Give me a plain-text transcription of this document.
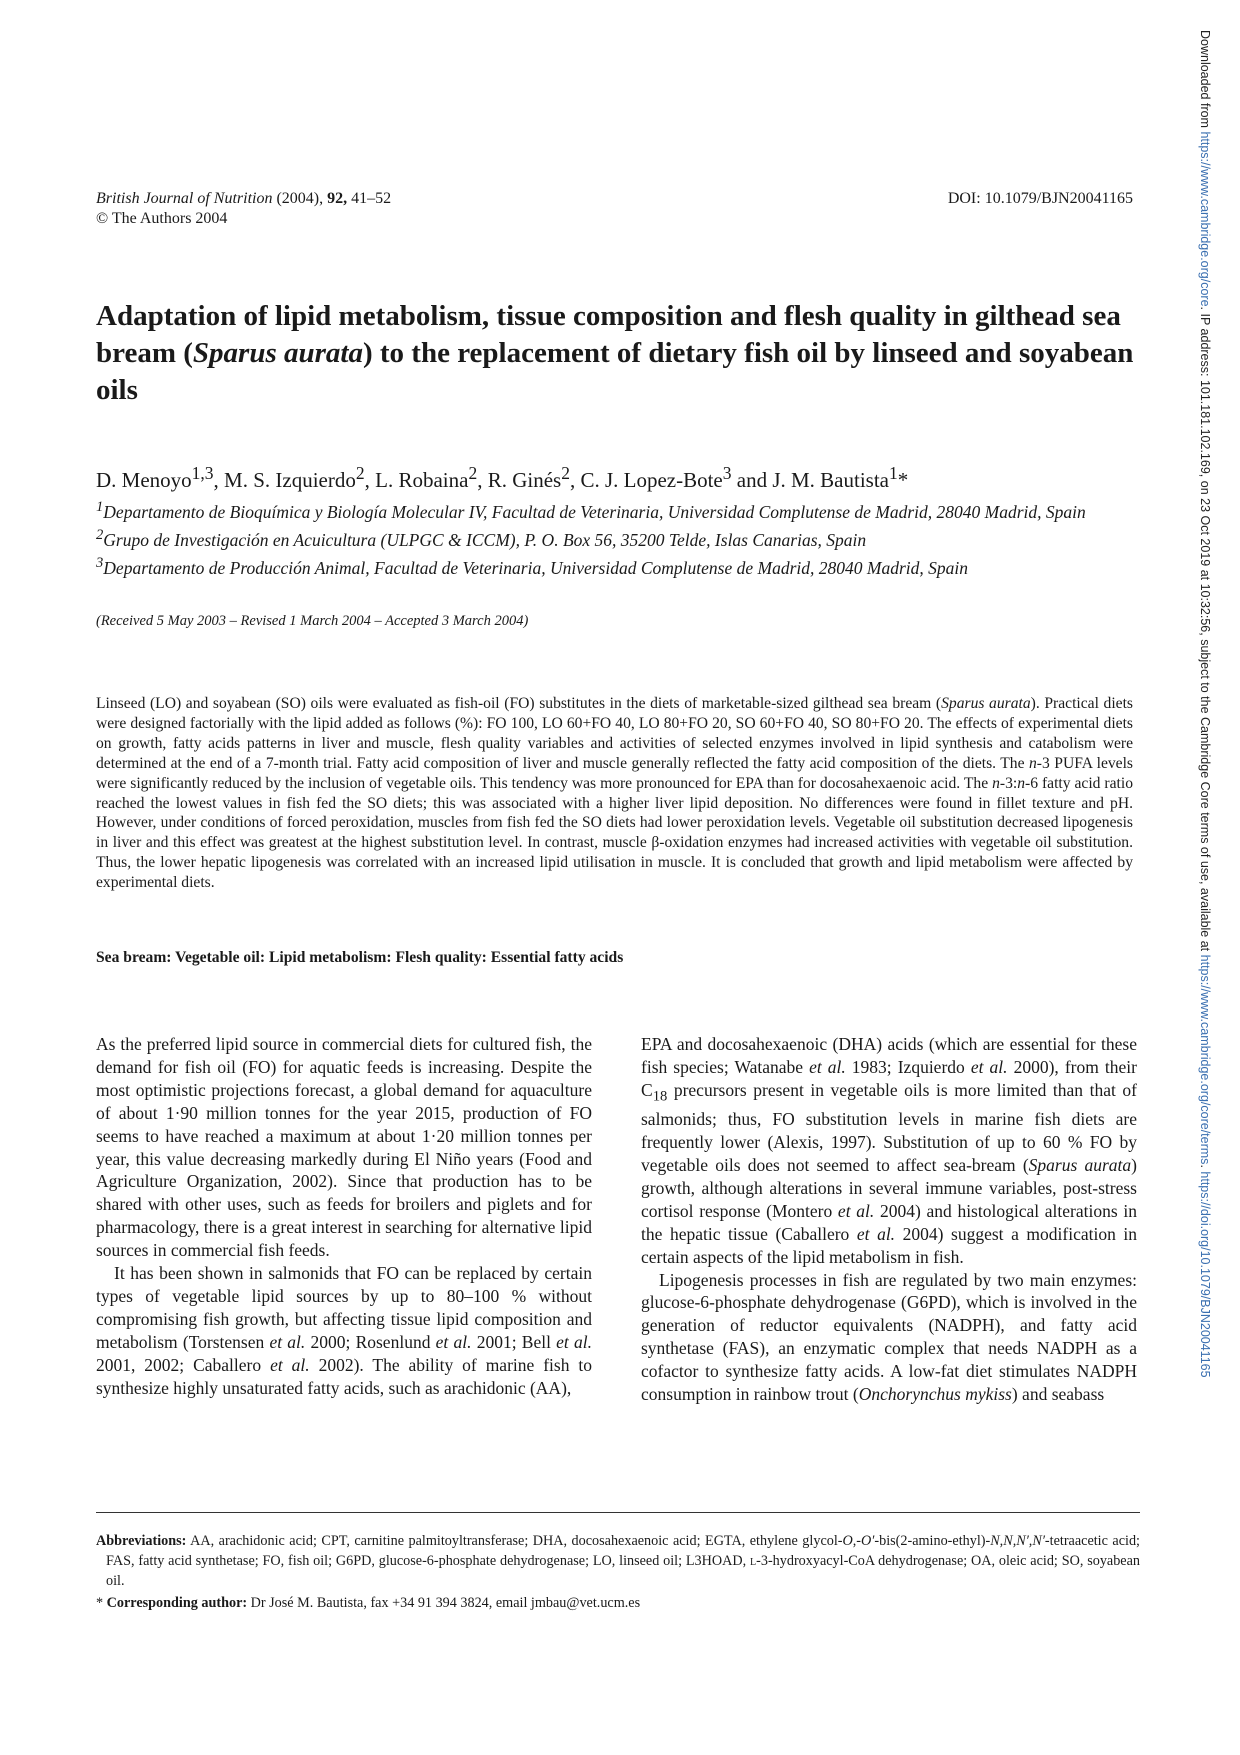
Downloaded from https://www.cambridge.org/core. IP address: 101.181.102.169, on 23 Oct 2019 at 10:32:56, subject to the Cambridge Core terms of use, available at https://www.cambridge.org/core/terms. https://doi.org/10.1079/BJN20041165
British Journal of Nutrition (2004), 92, 41–52
© The Authors 2004
DOI: 10.1079/BJN20041165
Adaptation of lipid metabolism, tissue composition and flesh quality in gilthead sea bream (Sparus aurata) to the replacement of dietary fish oil by linseed and soyabean oils
D. Menoyo$^{1,3}$, M. S. Izquierdo$^2$, L. Robaina$^2$, R. Ginés$^2$, C. J. Lopez-Bote$^3$ and J. M. Bautista$^1$*

$^1$Departamento de Bioquímica y Biología Molecular IV, Facultad de Veterinaria, Universidad Complutense de Madrid, 28040 Madrid, Spain

$^2$Grupo de Investigación en Acuicultura (ULPGC & ICCM), P. O. Box 56, 35200 Telde, Islas Canarias, Spain

$^3$Departamento de Producción Animal, Facultad de Veterinaria, Universidad Complutense de Madrid, 28040 Madrid, Spain

(Received 5 May 2003 – Revised 1 March 2004 – Accepted 3 March 2004)

Linseed (LO) and soyabean (SO) oils were evaluated as fish-oil (FO) substitutes in the diets of marketable-sized gilthead sea bream (Sparus aurata). Practical diets were designed factorially with the lipid added as follows (%): FO 100, LO 60+FO 40, LO 80+FO 20, SO 60+FO 40, SO 80+FO 20. The effects of experimental diets on growth, fatty acids patterns in liver and muscle, flesh quality variables and activities of selected enzymes involved in lipid synthesis and catabolism were determined at the end of a 7-month trial. Fatty acid composition of liver and muscle generally reflected the fatty acid composition of the diets. The n-3 PUFA levels were significantly reduced by the inclusion of vegetable oils. This tendency was more pronounced for EPA than for docosahexaenoic acid. The n-3:n-6 fatty acid ratio reached the lowest values in fish fed the SO diets; this was associated with a higher liver lipid deposition. No differences were found in fillet texture and pH. However, under conditions of forced peroxidation, muscles from fish fed the SO diets had lower peroxidation levels. Vegetable oil substitution decreased lipogenesis in liver and this effect was greatest at the highest substitution level. In contrast, muscle β-oxidation enzymes had increased activities with vegetable oil substitution. Thus, the lower hepatic lipogenesis was correlated with an increased lipid utilisation in muscle. It is concluded that growth and lipid metabolism were affected by experimental diets.

Sea bream: Vegetable oil: Lipid metabolism: Flesh quality: Essential fatty acids

As the preferred lipid source in commercial diets for cultured fish, the demand for fish oil (FO) for aquatic feeds is increasing. Despite the most optimistic projections forecast, a global demand for aquaculture of about 1·90 million tonnes for the year 2015, production of FO seems to have reached a maximum at about 1·20 million tonnes per year, this value decreasing markedly during El Niño years (Food and Agriculture Organization, 2002). Since that production has to be shared with other uses, such as feeds for broilers and piglets and for pharmacology, there is a great interest in searching for alternative lipid sources in commercial fish feeds.

It has been shown in salmonids that FO can be replaced by certain types of vegetable lipid sources by up to 80–100 % without compromising fish growth, but affecting tissue lipid composition and metabolism (Torstensen et al. 2000; Rosenlund et al. 2001; Bell et al. 2001, 2002; Caballero et al. 2002). The ability of marine fish to synthesize highly unsaturated fatty acids, such as arachidonic (AA),

EPA and docosahexaenoic (DHA) acids (which are essential for these fish species; Watanabe et al. 1983; Izquierdo et al. 2000), from their $C_{18}$ precursors present in vegetable oils is more limited than that of salmonids; thus, FO substitution levels in marine fish diets are frequently lower (Alexis, 1997). Substitution of up to 60 % FO by vegetable oils does not seemed to affect sea-bream (Sparus aurata) growth, although alterations in several immune variables, post-stress cortisol response (Montero et al. 2004) and histological alterations in the hepatic tissue (Caballero et al. 2004) suggest a modification in certain aspects of the lipid metabolism in fish.

Lipogenesis processes in fish are regulated by two main enzymes: glucose-6-phosphate dehydrogenase (G6PD), which is involved in the generation of reductor equivalents (NADPH), and fatty acid synthetase (FAS), an enzymatic complex that needs NADPH as a cofactor to synthesize fatty acids. A low-fat diet stimulates NADPH consumption in rainbow trout (Onchorynchus mykiss) and seabass

Abbreviations: AA, arachidonic acid; CPT, carnitine palmitoyltransferase; DHA, docosahexaenoic acid; EGTA, ethylene glycol-O,-O′-bis(2-amino-ethyl)-N,N,N′,N′-tetraacetic acid; FAS, fatty acid synthetase; FO, fish oil; G6PD, glucose-6-phosphate dehydrogenase; LO, linseed oil; L3HOAD, l-3-hydroxyacyl-CoA dehydrogenase; OA, oleic acid; SO, soyabean oil.

* Corresponding author: Dr José M. Bautista, fax +34 91 394 3824, email jmbau@vet.ucm.es
